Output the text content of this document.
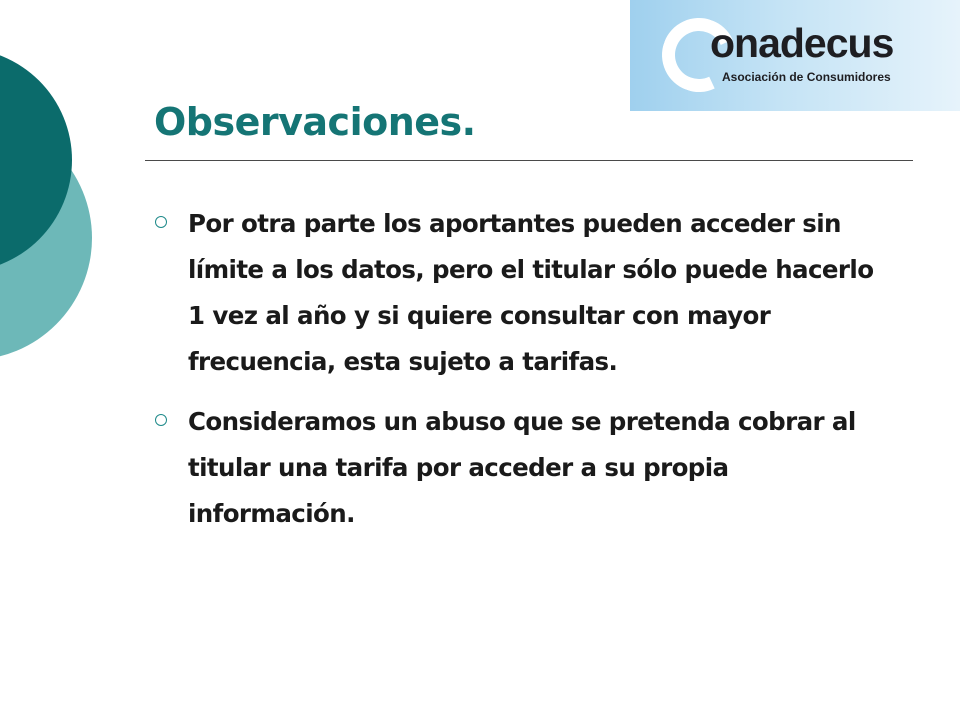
onadecus
Asociación de Consumidores
Observaciones.
Por otra parte los aportantes pueden acceder sin límite a los datos, pero el titular sólo puede hacerlo 1 vez al año y si quiere consultar con mayor frecuencia, esta sujeto a tarifas.
Consideramos un abuso que se pretenda cobrar al titular una tarifa por acceder a su propia información.
